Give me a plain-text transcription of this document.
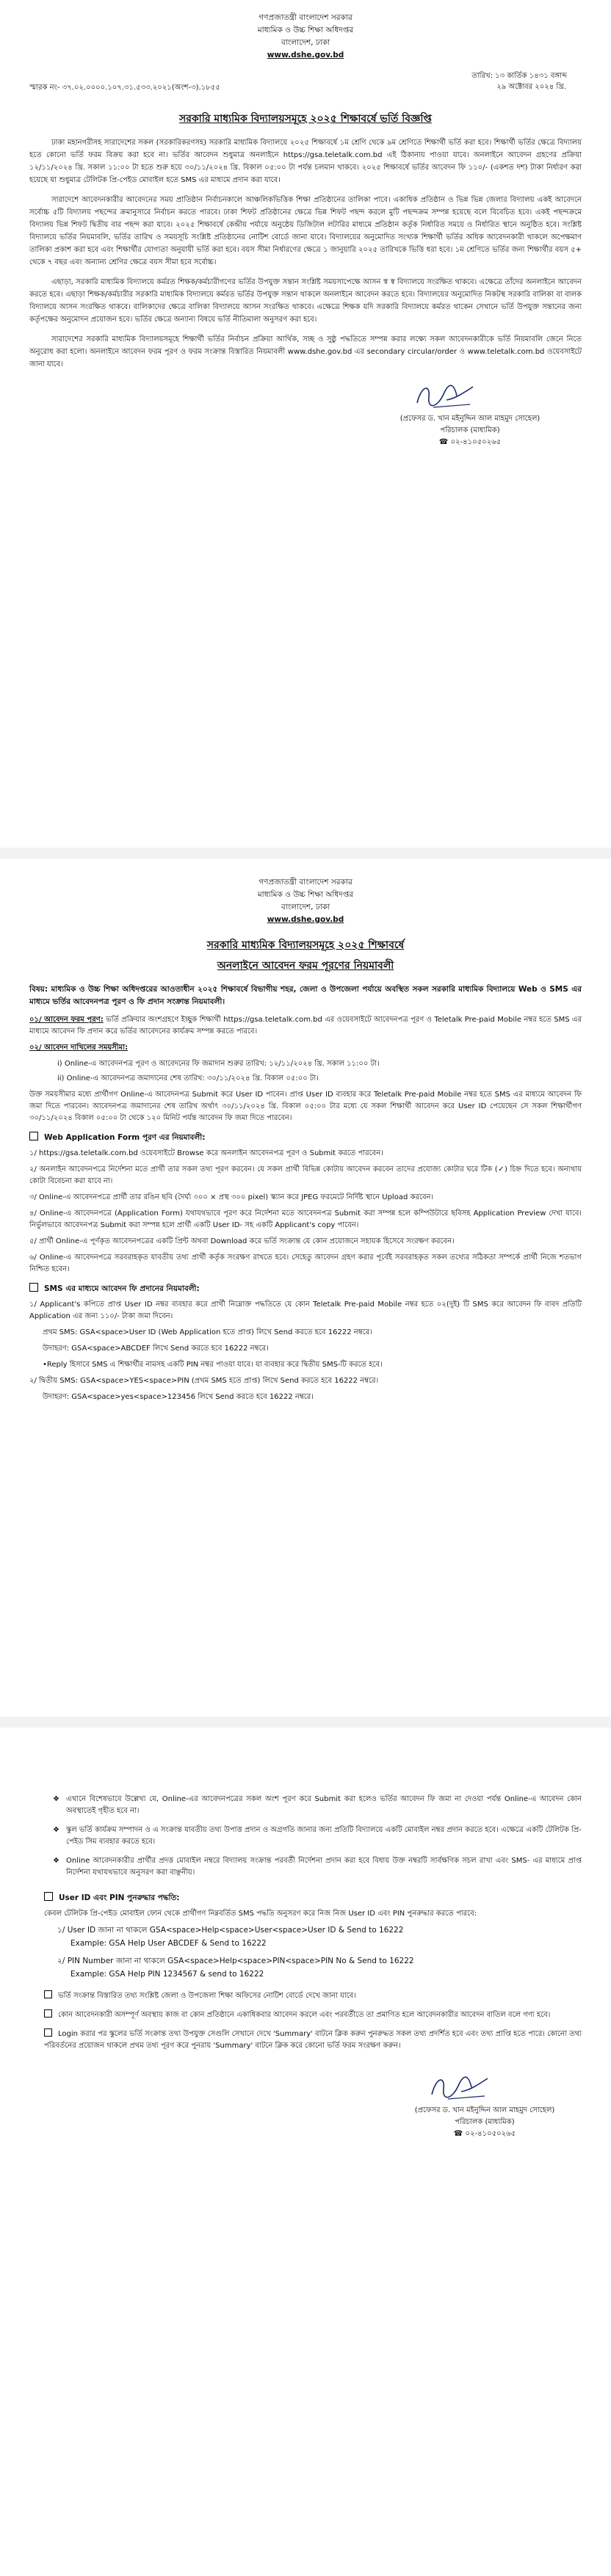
গণপ্রজাতন্ত্রী বাংলাদেশ সরকার
মাধ্যমিক ও উচ্চ শিক্ষা অধিদপ্তর
বাংলাদেশ, ঢাকা
www.dshe.gov.bd
স্মারক নং- ৩৭.০২.০০০০.১০৭.৩১.৫৩৩.২০২১(অংশ-৩).১৮৫৫
তারিখ: ১৩ কার্তিক ১৪৩১ বঙ্গাব্দ
২৯ অক্টোবর ২০২৪ খ্রি.
সরকারি মাধ্যমিক বিদ্যালয়সমূহে ২০২৫ শিক্ষাবর্ষে ভর্তি বিজ্ঞপ্তি

ঢাকা মহানগরীসহ সারাদেশের সকল (সরকারিকরণসহ) সরকারি মাধ্যমিক বিদ্যালয়ে ২০২৫ শিক্ষাবর্ষে ১ম শ্রেণি থেকে ৯ম শ্রেণিতে শিক্ষার্থী ভর্তি করা হবে। শিক্ষার্থী ভর্তির ক্ষেত্রে বিদ্যালয় হতে কোনো ভর্তি ফরম বিক্রয় করা হবে না। ভর্তির আবেদন শুধুমাত্র অনলাইনে https://gsa.teletalk.com.bd এই ঠিকানায় পাওয়া যাবে। অনলাইনে আবেদন গ্রহণের প্রক্রিয়া ১২/১১/২০২৪ খ্রি. সকাল ১১:০০ টা হতে শুরু হয়ে ৩০/১১/২০২৪ খ্রি. বিকাল ০৫:০০ টা পর্যন্ত চলমান থাকবে। ২০২৫ শিক্ষাবর্ষে ভর্তির আবেদন ফি ১১০/- (একশত দশ) টাকা নির্ধারণ করা হয়েছে যা শুধুমাত্র টেলিটক প্রি-পেইড মোবাইল হতে SMS এর মাধ্যমে প্রদান করা যাবে।

সারাদেশে আবেদনকারীর আবেদনের সময় প্রাতিষ্ঠান নির্বাচনকালে আঞ্চলিকভিত্তিক শিক্ষা প্রতিষ্ঠানের তালিকা পাবে। একাধিক প্রতিষ্ঠান ও ভিন্ন ভিন্ন জেলার বিদ্যালয় একই আবেদনে সর্বোচ্চ ৫টি বিদ্যালয় পছন্দের ক্রমানুসারে নির্বাচন করতে পারবে। ঢাকা শিফট প্রতিষ্ঠানের ক্ষেত্রে ভিন্ন শিফট পছন্দ করলে মুটি পছন্দক্রম সম্পন্ন হয়েছে বলে বিবেচিত হবে। একই পছন্দক্রমে বিদ্যালয় ভিন্ন শিফট দ্বিতীয় বার পছন্দ করা যাবে। ২০২৫ শিক্ষাবর্ষে কেন্দ্রীয় পর্যায়ে অনুষ্ঠেয় ডিজিটাল লটারির মাধ্যমে প্রতিষ্ঠান কর্তৃক নির্ধারিত সময়ে ও নির্ধারিত স্থানে অনুষ্ঠিত হবে। সংশ্লিষ্ট বিদ্যালয়ে ভর্তির নিয়মাবলি, ভর্তির তারিখ ও সময়সূচি সংশ্লিষ্ট প্রতিষ্ঠানের নোটিশ বোর্ডে জানা যাবে। বিদ্যালয়ের অনুমোদিত সংখ্যক শিক্ষার্থী ভর্তির অধিক আবেদনকারী থাকলে অপেক্ষমাণ তালিকা প্রকাশ করা হবে এবং শিক্ষার্থীর যোগ্যতা অনুযায়ী ভর্তি করা হবে। বয়স সীমা নির্ধারণের ক্ষেত্রে ১ জানুয়ারি ২০২৫ তারিখকে ভিত্তি ধরা হবে। ১ম শ্রেণিতে ভর্তির জন্য শিক্ষার্থীর বয়স ৫+ থেকে ৭ বছর এবং অন্যান্য শ্রেণির ক্ষেত্রে বয়স সীমা হবে সর্বোচ্চ।

এছাড়া, সরকারি মাধ্যমিক বিদ্যালয়ে কর্মরত শিক্ষক/কর্মচারীগণের ভর্তির উপযুক্ত সন্তান সংশ্লিষ্ট সময়সাপেক্ষে আসন স্ব স্ব বিদ্যালয়ে সংরক্ষিত থাকবে। এক্ষেত্রে তাঁদের অনলাইনে আবেদন করতে হবে। এছাড়া শিক্ষক/কর্মচারীর সরকারি মাধ্যমিক বিদ্যালয়ে কর্মরত ভর্তির উপযুক্ত সন্তান থাকলে অনলাইনে আবেদন করতে হবে। বিদ্যালয়ের অনুমোদিত নিকটস্থ সরকারি বালিকা বা বালক বিদ্যালয়ে আসন সংরক্ষিত থাকবে। বালিকাদের ক্ষেত্রে বালিকা বিদ্যালয়ে আসন সংরক্ষিত থাকবে। এক্ষেত্রে শিক্ষক যদি সরকারি বিদ্যালয়ে কর্মরত থাকেন সেখানে ভর্তি উপযুক্ত সন্তানের জন্য কর্তৃপক্ষের অনুমোদন প্রয়োজন হবে। ভর্তির ক্ষেত্রে অন্যান্য বিষয়ে ভর্তি নীতিমালা অনুসরণ করা হবে।

সারাদেশের সরকারি মাধ্যমিক বিদ্যালয়সমূহে শিক্ষার্থী ভর্তির নির্বাচন প্রক্রিয়া আর্থিক, সচ্ছ ও সুষ্ঠু পদ্ধতিতে সম্পন্ন করার লক্ষ্যে সকল আবেদনকারীকে ভর্তি নিয়মাবলি জেনে নিতে অনুরোধ করা হলো। অনলাইনে আবেদন ফরম পূরণ ও ফরম সংক্রান্ত বিস্তারিত নিয়মাবলী www.dshe.gov.bd এর secondary circular/order ও www.teletalk.com.bd ওয়েবসাইটে জানা যাবে।

(প্রফেসর ড. খান মইনুদ্দিন আল মাহমুদ সোহেল)
পরিচালক (মাধ্যমিক)
☎ ০২-৪১০৫০২৬৫
গণপ্রজাতন্ত্রী বাংলাদেশ সরকার
মাধ্যমিক ও উচ্চ শিক্ষা অধিদপ্তর
বাংলাদেশ, ঢাকা
www.dshe.gov.bd
সরকারি মাধ্যমিক বিদ্যালয়সমূহে ২০২৫ শিক্ষাবর্ষে
অনলাইনে আবেদন ফরম পূরণের নিয়মাবলী
বিষয়: মাধ্যমিক ও উচ্চ শিক্ষা অধিদপ্তরের আওতাধীন ২০২৫ শিক্ষাবর্ষে বিভাগীয় শহর, জেলা ও উপজেলা পর্যায়ে অবস্থিত সকল সরকারি মাধ্যমিক বিদ্যালয়ে Web ও SMS এর মাধ্যমে ভর্তির আবেদনপত্র পূরণ ও ফি প্রদান সংক্রান্ত নিয়মাবলী।
০১/ আবেদন ফরম পূরণ: ভর্তি প্রক্রিয়ার অংশগ্রহণে ইচ্ছুক শিক্ষার্থী https://gsa.teletalk.com.bd এর ওয়েবসাইটে আবেদনপত্র পূরণ ও Teletalk Pre-paid Mobile নম্বর হতে SMS এর মাধ্যমে আবেদন ফি প্রদান করে ভর্তির আবেদনের কার্যক্রম সম্পন্ন করতে পারবে।
০২/ আবেদন দাখিলের সময়সীমা:
i) Online-এ আবেদনপত্র পূরণ ও আবেদনের ফি জমাদান শুরুর তারিখ: ১২/১১/২০২৪ খ্রি. সকাল ১১:০০ টা।
ii) Online-এ আবেদনপত্র জমাদানের শেষ তারিখ: ৩০/১১/২০২৪ খ্রি. বিকাল ০৫:০০ টা।
উক্ত সময়সীমার মধ্যে প্রার্থীগণ Online-এ আবেদনপত্র Submit করে User ID পাবেন। প্রাপ্ত User ID ব্যবহার করে Teletalk Pre-paid Mobile নম্বর হতে SMS এর মাধ্যমে আবেদন ফি জমা দিতে পারবেন। আবেদনপত্র জমাদানের শেষ তারিখ অর্থাৎ ৩০/১১/২০২৪ খ্রি. বিকাল ০৫:০০ টার মধ্যে যে সকল শিক্ষার্থী আবেদন করে User ID পেয়েছেন সে সকল শিক্ষার্থীগণ ৩০/১১/২০২৪ বিকাল ০৫:০০ টা থেকে ১২০ মিনিট পর্যন্ত আবেদন ফি জমা দিতে পারবেন।
Web Application Form পূরণ এর নিয়মাবলী:
১/ https://gsa.teletalk.com.bd ওয়েবসাইটে Browse করে অনলাইন আবেদনপত্র পূরণ ও Submit করতে পারবেন।
২/ অনলাইন আবেদনপত্রে নির্দেশনা মতে প্রার্থী তার সকল তথ্য পূরণ করবেন। যে সকল প্রার্থী বিভিন্ন কোটায় আবেদন করবেন তাদের প্রযোজ্য কোটার ঘরে টিক (✓) চিহ্ন দিতে হবে। অন্যথায় কোটা বিবেচনা করা যাবে না।
৩/ Online-এ আবেদনপত্রে প্রার্থী তার রঙিন ছবি (দৈর্ঘ্য ৩০০ × প্রস্থ ৩০০ pixel) স্ক্যান করে JPEG ফরমেটে নির্দিষ্ট স্থানে Upload করবেন।
৪/ Online-এ আবেদনপত্রে (Application Form) যথাযথভাবে পূরণ করে নির্দেশনা মতে আবেদনপত্র Submit করা সম্পন্ন হলে কম্পিউটারে ছবিসহ Application Preview দেখা যাবে। নির্ভুলভাবে আবেদনপত্র Submit করা সম্পন্ন হলে প্রার্থী একটি User ID- সহ একটি Applicant's copy পাবেন।
৫/ প্রার্থী Online-এ পূর্ণকৃত আবেদনপত্রের একটি প্রিন্ট অথবা Download করে ভর্তি সংক্রান্ত যে কোন প্রয়োজনে সহায়ক হিসেবে সংরক্ষণ করবেন।
৬/ Online-এ আবেদনপত্রে সরবরাহকৃত যাবতীয় তথ্য প্রার্থী কর্তৃক সংরক্ষণ রাখতে হবে। সেহেতু আবেদন গ্রহণ করার পূর্বেই সরবরাহকৃত সকল তথ্যের সঠিকতা সম্পর্কে প্রার্থী নিজে শতভাগ নিশ্চিত হবেন।
SMS এর মাধ্যমে আবেদন ফি প্রদানের নিয়মাবলী:
১/ Applicant's কপিতে প্রাপ্ত User ID নম্বর ব্যবহার করে প্রার্থী নিম্নোক্ত পদ্ধতিতে যে কোন Teletalk Pre-paid Mobile নম্বর হতে ০২(দুই) টি SMS করে আবেদন ফি বাবদ প্রতিটি Application এর জন্য ১১০/- টাকা জমা দিবেন।
প্রথম SMS: GSA<space>User ID (Web Application হতে প্রাপ্ত) লিখে Send করতে হবে 16222 নম্বরে।
উদাহরণ: GSA<space>ABCDEF লিখে Send করতে হবে 16222 নম্বরে।
•Reply হিসাবে SMS এ শিক্ষার্থীর নামসহ একটি PIN নম্বর পাওয়া যাবে। যা ব্যবহার করে দ্বিতীয় SMS-টি করতে হবে।
২/ দ্বিতীয় SMS: GSA<space>YES<space>PIN (প্রথম SMS হতে প্রাপ্ত) লিখে Send করতে হবে 16222 নম্বরে।
উদাহরণ: GSA<space>yes<space>123456 লিখে Send করতে হবে 16222 নম্বরে।
❖ এখানে বিশেষভাবে উল্লেখ্য যে, Online-এর আবেদনপত্রের সকল অংশ পূরণ করে Submit করা হলেও ভর্তির আবেদন ফি জমা না দেওয়া পর্যন্ত Online-এ আবেদন কোন অবস্থাতেই গৃহীত হবে না।
❖ স্কুল ভর্তি কার্যক্রম সম্পাদন ও এ সংক্রান্ত যাবতীয় তথ্য উপাত্ত প্রদান ও অগ্রগতি জানার জন্য প্রতিটি বিদ্যালয়ে একটি মোবাইল নম্বর প্রদান করতে হবে। এক্ষেত্রে একটি টেলিটক প্রি-পেইড সিম ব্যবহার করতে হবে।
❖ Online আবেদনকারীর প্রার্থীর প্রদত্ত মোবাইল নম্বরে বিদ্যালয় সংক্রান্ত পরবর্তী নির্দেশনা প্রদান করা হবে বিধায় উক্ত নম্বরটি সার্বক্ষণিক সচল রাখা এবং SMS- এর মাধ্যমে প্রাপ্ত নির্দেশনা যথাযথভাবে অনুসরণ করা বাঞ্ছনীয়।
User ID এবং PIN পুনরুদ্ধার পদ্ধতি:
কেবল টেলিটক প্রি-পেইড মোবাইল ফোন থেকে প্রার্থীগণ নিম্নবর্তিত SMS পদ্ধতি অনুসরণ করে নিজ নিজ User ID এবং PIN পুনরুদ্ধার করতে পারবে:
১/ User ID জানা না থাকলে GSA<space>Help<space>User<space>User ID & Send to 16222
Example: GSA Help User ABCDEF & Send to 16222
২/ PIN Number জানা না থাকলে GSA<space>Help<space>PIN<space>PIN No & Send to 16222
Example: GSA Help PIN 1234567 & send to 16222
ভর্তি সংক্রান্ত বিস্তারিত তথ্য সংশ্লিষ্ট জেলা ও উপজেলা শিক্ষা অফিসের নোটিশ বোর্ডে দেখে জানা যাবে।
কোন আবেদনকারী অসম্পূর্ণ অবস্থায় কাজ বা কোন প্রতিষ্ঠানে একাধিকবার আবেদন করলে এবং পরবর্তীতে তা প্রমাণিত হলে আবেদনকারীর আবেদন বাতিল বলে গণ্য হবে।
Login করার পর স্কুলের ভর্তি সংক্রান্ত তথ্য উপযুক্ত সেগুলি সেখানে দেখে 'Summary' বাটনে ক্লিক করুন পুনরুদ্ধত সকল তথ্য প্রদর্শিত হবে এবং তথ্য প্রাপ্তি হতে পারে। কোনো তথ্য পরিবর্তনের প্রয়োজন থাকলে প্রথম তথ্য পূরণ করে পুনরায় 'Summary' বাটনে ক্লিক করে কোনো ভর্তি ফরম সংরক্ষণ করুন।
(প্রফেসর ড. খান মইনুদ্দিন আল মাহমুদ সোহেল)
পরিচালক (মাধ্যমিক)
☎ ০২-৪১০৫০২৬৫
